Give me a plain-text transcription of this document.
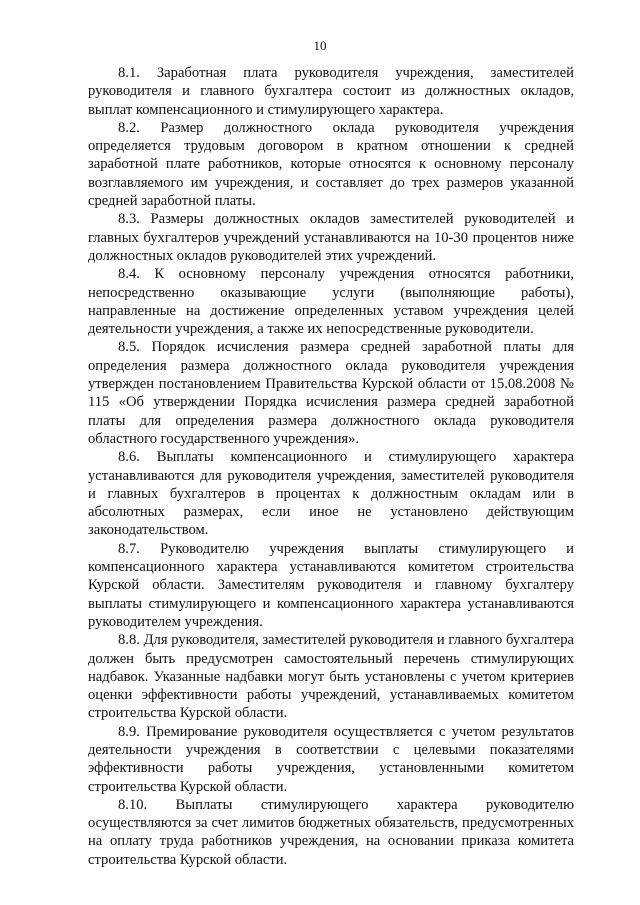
10

8.1. Заработная плата руководителя учреждения, заместителей руководителя и главного бухгалтера состоит из должностных окладов, выплат компенсационного и стимулирующего характера.

8.2. Размер должностного оклада руководителя учреждения определяется трудовым договором в кратном отношении к средней заработной плате работников, которые относятся к основному персоналу возглавляемого им учреждения, и составляет до трех размеров указанной средней заработной платы.

8.3. Размеры должностных окладов заместителей руководителей и главных бухгалтеров учреждений устанавливаются на 10-30 процентов ниже должностных окладов руководителей этих учреждений.

8.4. К основному персоналу учреждения относятся работники, непосредственно оказывающие услуги (выполняющие работы), направленные на достижение определенных уставом учреждения целей деятельности учреждения, а также их непосредственные руководители.

8.5. Порядок исчисления размера средней заработной платы для определения размера должностного оклада руководителя учреждения утвержден постановлением Правительства Курской области от 15.08.2008 № 115 «Об утверждении Порядка исчисления размера средней заработной платы для определения размера должностного оклада руководителя областного государственного учреждения».

8.6. Выплаты компенсационного и стимулирующего характера устанавливаются для руководителя учреждения, заместителей руководителя и главных бухгалтеров в процентах к должностным окладам или в абсолютных размерах, если иное не установлено действующим законодательством.

8.7. Руководителю учреждения выплаты стимулирующего и компенсационного характера устанавливаются комитетом строительства Курской области. Заместителям руководителя и главному бухгалтеру выплаты стимулирующего и компенсационного характера устанавливаются руководителем учреждения.

8.8. Для руководителя, заместителей руководителя и главного бухгалтера должен быть предусмотрен самостоятельный перечень стимулирующих надбавок. Указанные надбавки могут быть установлены с учетом критериев оценки эффективности работы учреждений, устанавливаемых комитетом строительства Курской области.

8.9. Премирование руководителя осуществляется с учетом результатов деятельности учреждения в соответствии с целевыми показателями эффективности работы учреждения, установленными комитетом строительства Курской области.

8.10. Выплаты стимулирующего характера руководителю осуществляются за счет лимитов бюджетных обязательств, предусмотренных на оплату труда работников учреждения, на основании приказа комитета строительства Курской области.
